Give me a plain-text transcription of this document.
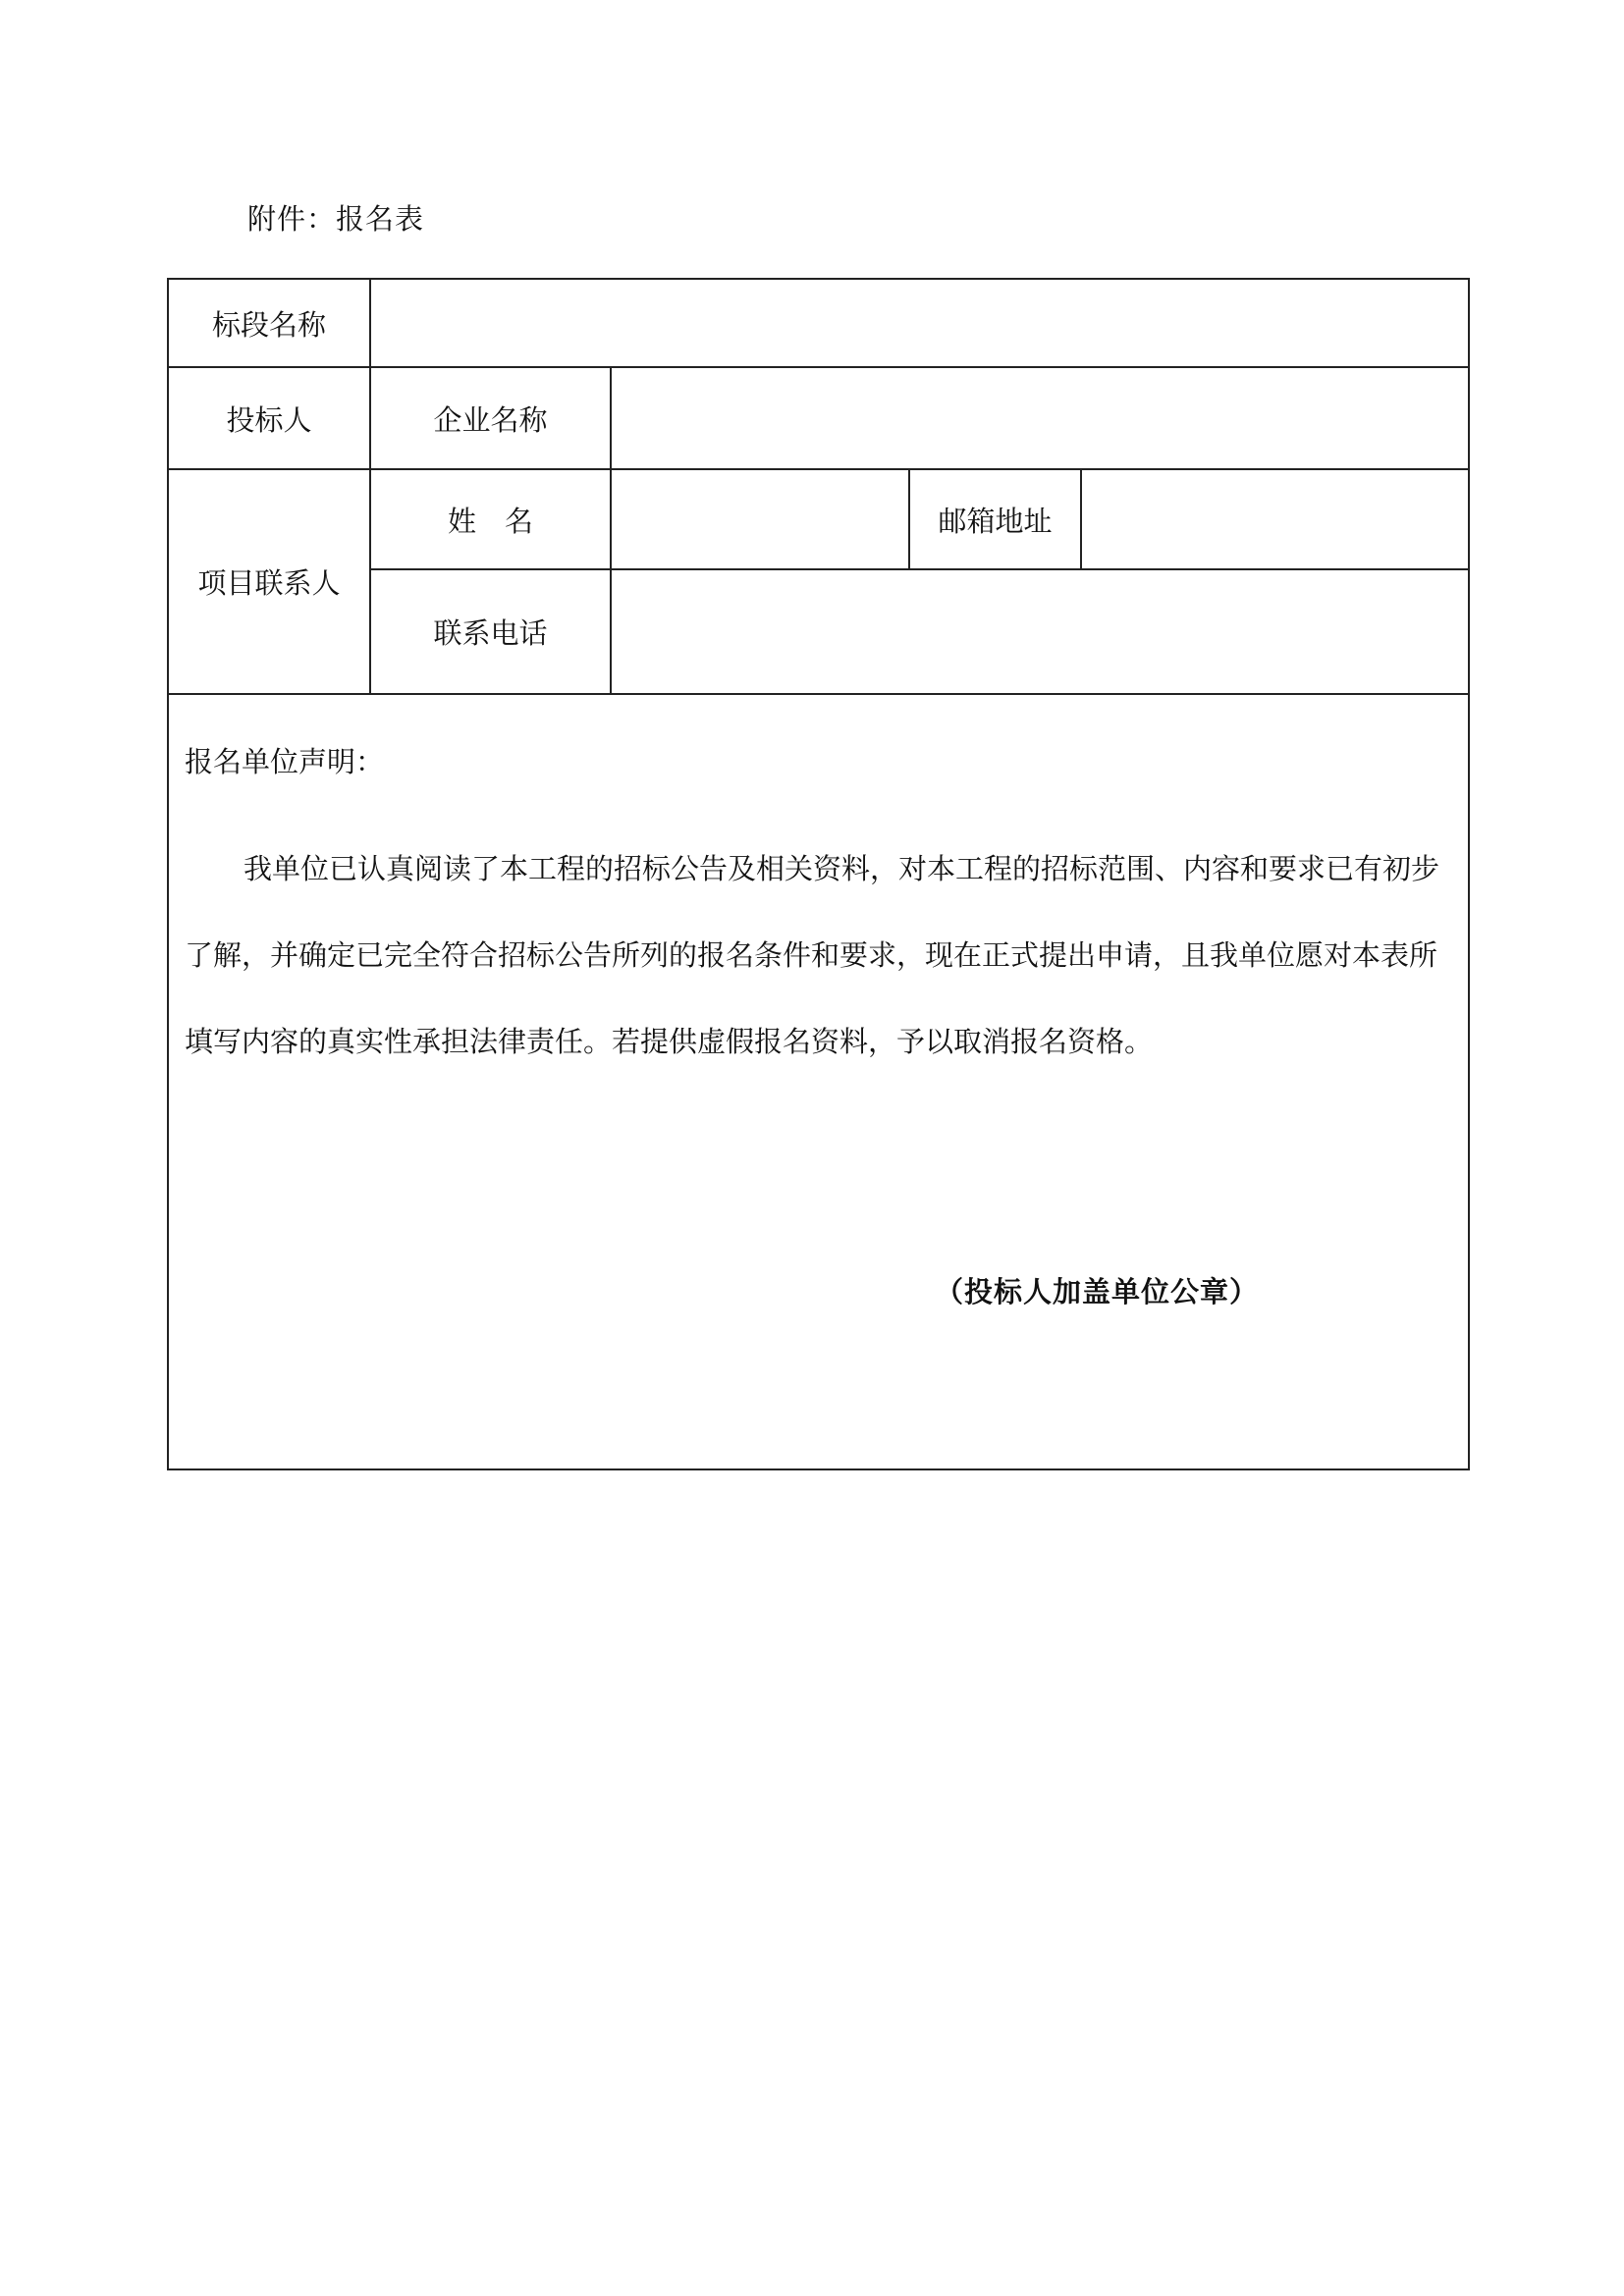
附件：报名表
标段名称				
投标人	企业名称			
项目联系人	姓　名		邮箱地址	
	联系电话			

报名单位声明：
我单位已认真阅读了本工程的招标公告及相关资料，对本工程的招标范围、内容和要求已有初步
了解，并确定已完全符合招标公告所列的报名条件和要求，现在正式提出申请，且我单位愿对本表所
填写内容的真实性承担法律责任。若提供虚假报名资料，予以取消报名资格。
（投标人加盖单位公章）				
